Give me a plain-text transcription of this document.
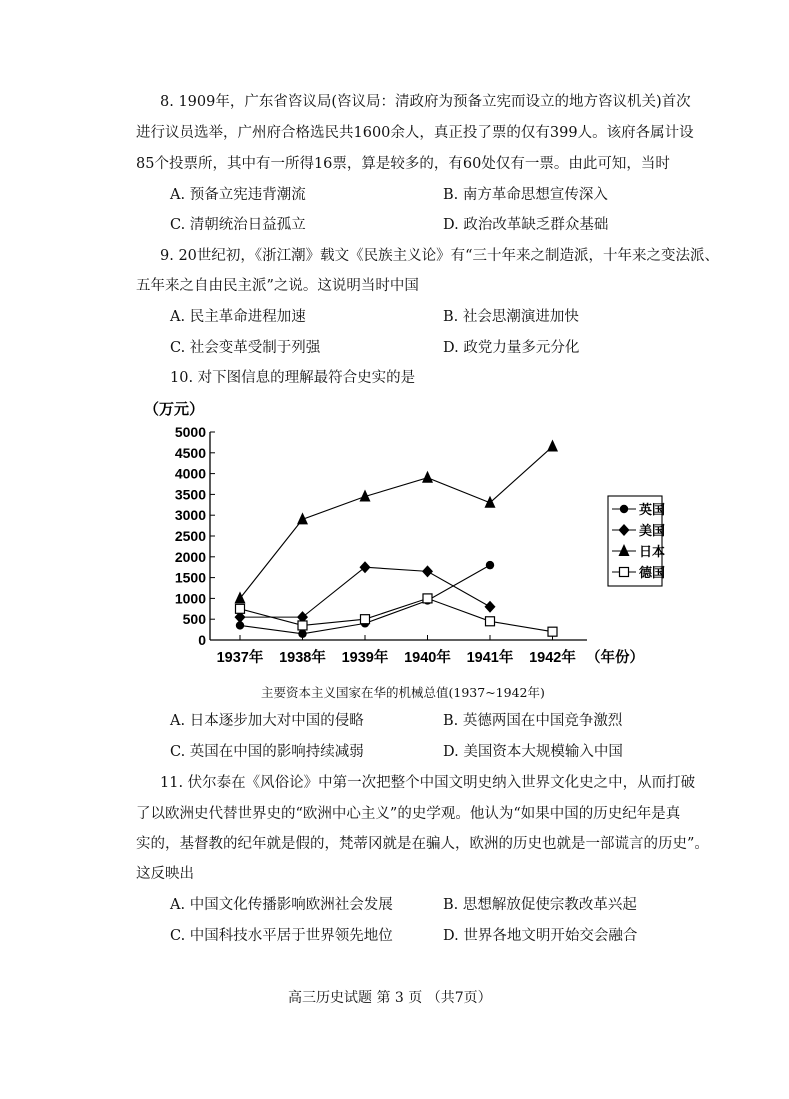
8. 1909年，广东省咨议局(咨议局：清政府为预备立宪而设立的地方咨议机关)首次
进行议员选举，广州府合格选民共1600余人，真正投了票的仅有399人。该府各属计设
85个投票所，其中有一所得16票，算是较多的，有60处仅有一票。由此可知，当时
A. 预备立宪违背潮流	B. 南方革命思想宣传深入
C. 清朝统治日益孤立	D. 政治改革缺乏群众基础
9. 20世纪初，《浙江潮》载文《民族主义论》有“三十年来之制造派，十年来之变法派、
五年来之自由民主派”之说。这说明当时中国
A. 民主革命进程加速	B. 社会思潮演进加快
C. 社会变革受制于列强	D. 政党力量多元分化
10. 对下图信息的理解最符合史实的是
（万元）
0
500
1000
1500
2000
2500
3000
3500
4000
4500
5000
1937年 1938年 1939年 1940年 1941年 1942年 （年份）
英国
美国
日本
德国
主要资本主义国家在华的机械总值(1937~1942年)
A. 日本逐步加大对中国的侵略	B. 英德两国在中国竞争激烈
C. 英国在中国的影响持续减弱	D. 美国资本大规模输入中国
11. 伏尔泰在《风俗论》中第一次把整个中国文明史纳入世界文化史之中，从而打破
了以欧洲史代替世界史的“欧洲中心主义”的史学观。他认为“如果中国的历史纪年是真
实的，基督教的纪年就是假的，梵蒂冈就是在骗人，欧洲的历史也就是一部谎言的历史”。
这反映出
A. 中国文化传播影响欧洲社会发展	B. 思想解放促使宗教改革兴起
C. 中国科技水平居于世界领先地位	D. 世界各地文明开始交会融合
高三历史试题 第 3 页 （共7页）
